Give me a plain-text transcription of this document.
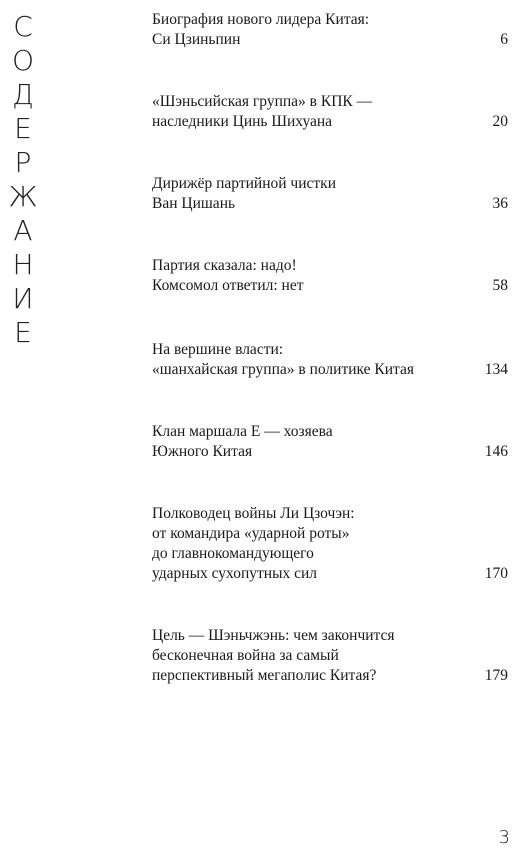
С
О
Д
Е
Р
Ж
А
Н
И
Е
Биография нового лидера Китая:
Си Цзиньпин	6
«Шэньсийская группа» в КПК —
наследники Цинь Шихуана	20
Дирижёр партийной чистки
Ван Цишань	36
Партия сказала: надо!
Комсомол ответил: нет	58
На вершине власти:
«шанхайская группа» в политике Китая	134
Клан маршала Е — хозяева
Южного Китая	146
Полководец войны Ли Цзочэн:
от командира «ударной роты»
до главнокомандующего
ударных сухопутных сил	170
Цель — Шэньчжэнь: чем закончится
бесконечная война за самый
перспективный мегаполис Китая?	179
3
